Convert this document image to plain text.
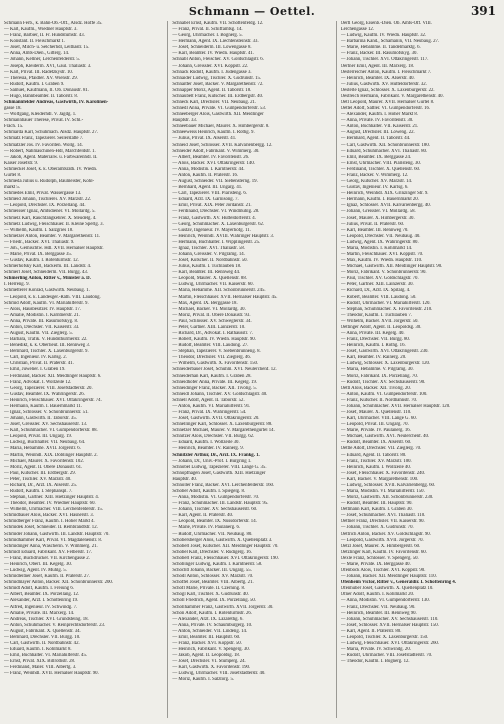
Schmann — Oettel.	391
Schmann Ferb., k. Bahn-Ob.-Off., Alsdz. Hoffe 35.
— Karl, Kaufm., Wiedner Hauptstr. 3.
— Franz, Barbier, II. Fr. Hundstumstr. 43.
— Konstant. II. Fleischmarkt 1.
— Josef, Milch- u. Selcherhdl, Leithastr. 15.
— Anna, Amts-Dien., Gitterg. 14.
— Johann, Kellner, Lerchenfelderstr. 5.
— Joseph, Kleiderm. XVI, Gaul. Thaliastr. 3.
— Karl, Privat. III. Radetzkystr. 10.
— Theresia, Pfaidler. XV. Wienstr. 29.
— Rudolf, Kaufm. I. Graben 9.
— Samuel, Kaufmann, II. Ob. Donaustr. 81.
— Hugo, Bahnbeamter. II. Taborstr. 8.
Schmannfelder Andreas, Gastwirth, IV. Karolinen-
gasse 18.
— Wolfgang, Kleiderhdl. V. Jagdg. 1.
Schmannbauer Therese, Privat. IV. Schl.-
Frach. 15.
Schmarda Karl, Schuhmach. Alsdz. Hauptstr. 27.
Schmatz Franz, Tapezierer. Seilerstätte 7.
Schmatzler Jos. IV. Favoriten. Wollg. 14.
— Robert, Nähmaschinen-Hdl, Marchfeldstr. 1.
— Jakob, Agent. Materialw. u. Farbwarenhdl. II.
Kaiser Josefstr. 9.
Schmeckel Josef, k. k. Oberamtsrath. IV. Wiedn.
Gürtel 8.
Schmeda Julius u. Rudolph, Baumeister, Kohl-
markt 5.
Schmedes Emil, Privat. Wassergasse 13.
Schmeid Johann, Tischlerei. XV. Märzstr. 22.
— Leopold, Drechsler. IX. Porzellang. 44.
Schmeisser Ignaz, Amtsdiener. VI. Mollardg. 5.
Schmelz Karl, Rauchfangkehrer. X. Steudelg. 4.
Schmelz Ludwig, Fleischhauer. II. Kleine Sperlg. 3.
— Wilhelm, Kaufm. I. Salzgries 18.
Schmelzer Anton, Beamter. V. Margarethenstr. 11.
— Friedr., Bäcker. XVI. Thaliastr. 9.
— Joh., Gemischtw. Hdl. XVII. Hernalser Hauptstr.
— Marie, Privat. IX. Berggasse 35.
— Gustav, Kaufm. I. Rotenturmstr. 12.
Schmerhofsky Karl, Bäckerm. III. Landstr. 4.
Schmerl Josef, Schneiderm. VII. Burgg. 43.
Schmerling Anton, Ritter v., Minister a. D.
I. Herreng. 9.
Schmetterer Konrad, Gastwirth. Neubaug. 1.
— Leopold, k. k. Landesger.-Rath. VIII. Laudong.
Schmid Adolf, Kaufm. VI. Mariahilferstr. 9.
— Alois, Hausbesitzer. IV. Hauptstr. 17.
— Amalie, Modistin. I. Kärntnerstr. 21.
— Anna, Private. III. Rasumofskyg. 8.
— Anton, Drechsler. VII. Kaiserstr. 33.
— August, Kaufm. VII. Zieglerg. 5.
— Barbara, Trafik. V. Hundsthurmerstr. 22.
— Benedikt, k. k. Oberlieut. III. Rennweg 3.
— Bernhard, Tischler. X. Laxenburgerstr. 9.
— Carl, Ingenieur. IV. Karlsg. 2.
— Christian, Privat. II. Praterstr. 41.
— Emil, Juwelier. I. Graben 19.
— Ferdinand, Bäcker. XII. Meidlinger Hauptstr. 6.
— Franz, Advokat. I. Wollzeile 12.
— Georg, Tapezierer. VIII. Josefstädterstr. 20.
— Gustav, Beamter. IX. Währingerstr. 26.
— Heinrich, Fleischhauer. XVI. Ottakringerstr. 74.
— Hermann, Kaufm. I. Bauernmarkt 11.
— Ignaz, Schlosser. V. Schönbrunnerstr. 51.
— Johann, Gastwirth. II. Taborstr. 35.
— Josef, Greissler. XV. Sechshauserstr. 13.
— Karl, Schuhmacher. VI. Gumpendorferstr. 88.
— Leopold, Privat. III. Ungarg. 19.
— Ludwig, Buchhalter. VII. Neubaug. 64.
— Maria, Hebamme. XVII. Jörgerstr. 6.
— Martin, Weinhdl. XIX. Döblinger Hauptstr. 2.
— Michael, Maurer. X. Favoritenstr. 102.
— Moriz, Agent. II. Obere Donaustr. 61.
— Paul, Kutscher. III. Erdbergstr. 29.
— Peter, Tischler. XV. Märzstr. 40.
— Richard, Dr., Arzt. IX. Alserstr. 25.
— Rudolf, Kaufm. I. Stephanspl. 7.
— Stephan, Gärtner. XIII. Hietzinger Hauptstr. 4.
— Theodor, Beamter. IV. Wiedner Hauptstr. 60.
— Wilhelm, Uhrmacher. VIII. Lerchenfelderstr. 15.
Schmidbauer Alois, Bäcker. XVI. Hasnerstr. 3.
Schmidberger Franz, Kaufm. I. Hoher Markt 4.
Schmidek Josef, Schneider. II. Rembrandtstr. 12.
Schmider Johann, Gastwirth. III. Landstr. Hauptstr. 70.
Schmidhammer Karl, Privat. VI. Magdalenenstr. 8.
Schmidinger Anna, Wäscherin. V. Wimmerg. 21.
Schmidl Eduard, Fabrikant. XV. Felberstr. 17.
— Franz, Buchdrucker. VII. Kirchengasse 2.
— Heinrich, Oberl. III. Kegelg. 30.
— Ludwig, Agent. IV. Mühlg. 5.
Schmidleitner Josef, Kaufm. II. Praterstr. 27.
Schmidmayer Anton, Bäcker. XII. Schönbrunnerstr. 200.
Schmidt Adolf, Kaufm. I. Freiung 6.
— Albert, Beamter. IX. Porzellang. 12.
— Alexander, Arzt. I. Schottenring 19.
— Alfred, Ingenieur. IV. Schwindg. 7.
— Amalie, Private. III. Marxerg. 14.
— Andreas, Tischler. XVI. Grundsteing. 18.
— Anton, Schuhmacher. V. Reinprechtsdorferstr. 23.
— August, Fabrikant. X. Quellenstr. 34.
— Bernhard, Drechsler. VII. Burgg. 10.
— Carl, Gastwirth. II. Nordbahnstr. 42.
— Eduard, Kaufm. I. Kohlmarkt 8.
— Emil, Buchhalter. VI. Mariahilferstr. 45.
— Ernst, Privat. XIX. Billrothstr. 28.
— Ferdinand, Maler. VIII. Albertg. 3.
— Franz, Weinhdl. XVII. Hernalser Hauptstr. 90.
Schnabel Ernst, Kaufm. VII. Schottenfeldg. 12.
— Franz, Privat. II. Schiffamtsg. 14.
— Georg, Uhrmacher. I. Bognerg. 5.
— Hermann, Agent. IX. Liechtensteinstr. 33.
— Josef, Schneiderm. III. Löwengasse 8.
— Karl, Beamter. IV. Wiedn. Hauptstr. 41.
Schnabl Anton, Fleischer. XV. Goldschlagstr. 6.
— Johann, Greissler. XVI. Koppstr. 22.
Schnack Rudolf, Kaufm. I. Judengasse 3.
Schnaider Ludwig, Tischler. X. Gudrunstr. 15.
Schnaitter Josef, Bäcker. V. Margarethenstr. 72.
Schnapper Moriz, Agent. II. Taborstr. 18.
Schnaubelt Franz, Kutscher. III. Erdbergstr. 40.
Schneck Karl, Drechsler. VII. Neubaug. 21.
Schnedl Anna, Private. VI. Gumpendorferstr. 53.
Schneeberger Alois, Gastwirth. XII. Meidlinger
Hauptstr. 33.
Schneebauer Michael, Maurer. X. Himbergerstr. 8.
Schneeweiss Heinrich, Kaufm. I. Rothg. 9.
— Julius, Privat. IX. Alserstr. 41.
Schneid Josef, Schlosser. XVII. Kalvarienbergg. 12.
Schneider Adolf, Fabrikant. V. Wimmerg. 30.
— Albert, Beamter. IV. Favoritenstr. 26.
— Alois, Bäcker. XVI. Ottakringerstr. 140.
— Anna, Modistin. I. Kärntnerstr. 44.
— Anton, Kaufm. II. Praterstr. 16.
— August, Schneider. VII. Siebensterng. 19.
— Bernhard, Agent. III. Ungarg. 41.
— Carl, Tapezierer. VIII. Piaristeng. 6.
— Eduard, Arzt. IX. Garnisong. 7.
— Emil, Privat. XIX. Peter Jordanstr. 21.
— Ferdinand, Drechsler. VI. Windmühlg. 28.
— Franz, Gastwirth. XV. Hütteldorferstr. 4.
— Georg, Schuhmacher. X. Laxenburgerstr. 62.
— Gustav, Ingenieur. IV. Mayerhofg. 11.
— Heinrich, Weinhdl. XVIII. Währinger Hauptstr. 3.
— Hermann, Buchhalter. I. Wipplingerstr. 25.
— Ignaz, Tischler. XVI. Thaliastr. 58.
— Johann, Greissler. V. Pilgramg. 14.
— Josef, Kutscher. II. Nordbahnstr. 50.
— Julius, Kaufm. I. Tuchlauben 18.
— Karl, Beamter. III. Rennweg 44.
— Leopold, Maurer. X. Quellenstr. 88.
— Ludwig, Uhrmacher. VII. Kaiserstr. 60.
— Maria, Hebamme. XII. Schönbrunnerstr. 245.
— Martin, Fleischhauer. XVII. Hernalser Hauptstr. 45.
— Max, Agent. IX. Berggasse 18.
— Michael, Bäcker. VI. Mollardg. 30.
— Moriz, Privat. II. Obere Donaustr. 93.
— Paul, Schlosser. XV. Schweglerstr. 34.
— Peter, Gärtner. XIII. Lainzerstr. 10.
— Richard, Dr., Advokat. I. Rathausstr. 7.
— Robert, Kaufm. IV. Wiedn. Hauptstr. 90.
— Rudolf, Beamter. VIII. Laudong. 27.
— Stephan, Tapezierer. V. Siebenbrunneng. 8.
— Theodor, Drechsler. VII. Zieglerg. 46.
— Wilhelm, Gastwirth. X. Favoritenstr. 150.
Schneiderbauer Josef, Schuhm. XVI. Neulerchenf. 12.
Schneiderhan Karl, Kaufm. I. Graben 28.
Schneidhofer Anna, Private. III. Kegelg. 19.
Schneidinger Franz, Bäcker. XII. Tivolig. 5.
Schneidl Johann, Tischler. XV. Goldschlagstr. 40.
Schnell Adolf, Agent. II. Taborstr. 52.
— Anton, Kaufm. VI. Mariahilferstr. 91.
— Franz, Privat. IX. Währingerstr. 54.
— Josef, Gastwirth. XVII. Ottakringerstr. 20.
Schnellinger Karl, Schlosser. X. Laxenburgerstr. 88.
Schnetzer Michael, Maurer. V. Margarethengürtel 14.
Schnitzer Alois, Drechsler. VII. Burgg. 62.
— Eduard, Kaufm. I. Wollzeile 30.
— Heinrich, Beamter. IV. Rainerg. 9.
Schnitzler Arthur, Dr., Arzt. IX. Frankg. 1.
— Johann, Dr., Univ.-Prof. I. Burgring 1.
Schnöbel Ludwig, Tapezierer. VIII. Lange G. 35.
Schnopfhagen Josef, Gastwirth. XIII. Hietzinger
Hauptstr. 40.
Schnöller Franz, Bäcker. XVI. Lerchenfelderstr. 160.
Schober Adolf, Kaufm. I. Spiegelg. 8.
— Anna, Modistin. VI. Gumpendorferstr. 70.
— Franz, Schuhmacher. III. Landstr. Hauptstr. 95.
— Johann, Tischler. XV. Sechshauserstr. 60.
— Karl, Agent. II. Praterstr. 40.
— Leopold, Beamter. IX. Nussdorferstr. 14.
— Marie, Private. IV. Paulanerg. 6.
— Rudolf, Uhrmacher. VII. Neubaug. 80.
Schobersberger Alois, Gastwirth. X. Quellenplatz 3.
Schoberl Josef, Kutscher. XII. Meidlinger Hauptstr. 70.
Schöbel Karl, Drechsler. V. Rüdigerg. 16.
Schöberl Franz, Fleischhauer. XVI. Ottakringerstr. 190.
Schöbinger Ludwig, Kaufm. I. Kärntnerstr. 58.
Schöchtl Johann, Bäcker. III. Ungarg. 55.
Schödl Anton, Schlosser. XV. Märzstr. 70.
Schöffel Josef, Beamter. VIII. Albertg. 21.
Schöfl Marie, Private. II. Czerning. 8.
Schögl Karl, Tischler. X. Gudrunstr. 40.
Schöll Friedrich, Agent. IX. Porzellang. 50.
Schöllhammer Franz, Gastwirth. XVII. Jörgerstr. 30.
Schön Adolf, Kaufm. I. Rotenturmstr. 26.
— Alexander, Arzt. IX. Lazarethg. 6.
— Anna, Private. IV. Schaumburgerg. 10.
— Anton, Schneider. VII. Lindeng. 14.
— Emil, Beamter. III. Hauptstr. 60.
— Franz, Bäcker. XVI. Koppstr. 50.
— Heinrich, Fabrikant. V. Spengerg. 30.
— Jakob, Agent. II. Leopoldsg. 18.
— Josef, Drechsler. VI. Stumperg. 24.
— Karl, Gastwirth. X. Favoritenstr. 190.
— Ludwig, Uhrmacher. VIII. Josefstädterstr. 40.
— Moriz, Kaufm. I. Salztorg. 5.
Oertl Georg, Eisenb.-Dien. Ob. Amts-Off. VIII.
Lerchengasse 12.
— Ludwig, Kaufm. IV. Wiedn. Hauptstr. 32.
— Barbarina Kand., Schamanin, VII. Neubaug. 27.
— Marie, Hebamme. II. Tandelmarktg. 6.
— Franz, Bäcker. III. Rasumofskyg. 30.
— Johann, Tischler. XVI. Ottakringerstr. 117.
Oertner Emil, Agent. III. Marxerg. 18.
Oesterreicher Anton, Kaufm. I. Fleischmarkt 7.
— Heinrich, Beamter. IX. Alserstr. 40.
— Julius, Gastwirth. XV. Hütteldorferstr. 32.
Oesterle Ignaz, Schlosser. X. Laxenburgerstr. 22.
Oestreich Hermann, Fabrikant. V. Margarethenstr. 40.
Oetl Leopold, Maurer. XVII. Hernalser Gürtel 8.
Oettel Adolf, Sattler. VI. Gumpendorferstr. 16.
— Alexander, Kaufm. I. Hoher Markt 8.
— Anna, Private. IV. Favoritenstr. 30.
— Anton, Buchhalter. VII. Kaiserstr. 21.
— August, Drechsler. III. Löweng. 22.
— Bernhard, Agent. II. Taborstr. 44.
— Carl, Gastwirth. XII. Schönbrunnerstr. 180.
— Eduard, Schuhmacher. XVI. Thaliastr. 80.
— Emil, Beamter. IX. Berggasse 24.
— Ernst, Uhrmacher. VIII. Piaristeng. 30.
— Ferdinand, Tischler. X. Quellenstr. 60.
— Franz, Bäcker. V. Wimmerg. 12.
— Georg, Kutscher. XV. Märzstr. 14.
— Gustav, Ingenieur. IV. Karlsg. 6.
— Heinrich, Weinhdl. XIX. Grinzinger Str. 9.
— Hermann, Kaufm. I. Bauernmarkt 20.
— Ignaz, Schlosser. XVII. Kalvarienbergg. 40.
— Johann, Greissler. VI. Mollardg. 58.
— Josef, Maurer. X. Himbergerstr. 30.
— Julius, Privat. II. Praterstr. 60.
— Karl, Beamter. III. Rennweg 70.
— Leopold, Drechsler. VII. Neubaug. 40.
— Ludwig, Agent. IX. Währingerstr. 80.
— Maria, Modistin. I. Kohlmarkt 14.
— Martin, Fleischhauer. XVI. Koppstr. 70.
— Max, Kaufm. IV. Wiedn. Hauptstr. 110.
— Michael, Gastwirth. XII. Meidlinger Hauptstr. 90.
— Moriz, Fabrikant. V. Schönbrunnerstr. 90.
— Paul, Tischler. XV. Goldschlagstr. 70.
— Peter, Gärtner. XIII. Lainzerstr. 30.
— Richard, Dr., Arzt. IX. Spitalg. 4.
— Robert, Beamter. VIII. Laudong. 50.
— Rudolf, Uhrmacher. VI. Mariahilferstr. 120.
— Stephan, Schuhmacher. X. Favoritenstr. 210.
— Theodor, Kaufm. I. Tuchlauben 7.
— Wilhelm, Bäcker. XVII. Jörgerstr. 50.
Oettinger Adolf, Agent. II. Leopoldsg. 30.
— Anna, Private. III. Kegelg. 40.
— Franz, Drechsler. VII. Burgg. 80.
— Heinrich, Kaufm. I. Rothg. 16.
— Josef, Gastwirth. XVI. Ottakringerstr. 230.
— Karl, Beamter. IV. Rainerg. 20.
— Ludwig, Schlosser. X. Laxenburgerstr. 120.
— Maria, Hebamme. V. Pilgramg. 30.
— Moriz, Fabrikant. IX. Porzellang. 70.
— Rudolf, Tischler. XV. Sechshauserstr. 90.
Oettl Alois, Bäcker. XII. Tivolig. 20.
— Anton, Kaufm. VI. Gumpendorferstr. 100.
— Franz, Kutscher. II. Nordbahnstr. 70.
— Johann, Schuhmacher. XVII. Hernalser Hauptstr. 120.
— Josef, Maurer. X. Quellenstr. 110.
— Karl, Uhrmacher. VIII. Lange G. 60.
— Leopold, Privat. III. Ungarg. 70.
— Marie, Private. IV. Paulanerg. 16.
— Michael, Gastwirth. XVI. Neulerchenf. 40.
— Rudolf, Beamter. IX. Alserstr. 60.
Oettle Adolf, Drechsler. VII. Zieglerg. 70.
— Eduard, Agent. II. Taborstr. 80.
— Franz, Tischler. XV. Märzstr. 100.
— Heinrich, Kaufm. I. Wollzeile 40.
— Josef, Fleischhauer. X. Favoritenstr. 240.
— Karl, Bäcker. V. Margarethenstr. 100.
— Ludwig, Schlosser. XVII. Kalvarienbergg. 60.
— Maria, Modistin. VI. Mariahilferstr. 150.
— Moriz, Gastwirth. XII. Schönbrunnerstr. 230.
— Rudolf, Beamter. III. Hauptstr. 90.
Oettmann Karl, Kaufm. I. Graben 30.
— Josef, Schuhmacher. XVI. Thaliastr. 110.
Oettner Franz, Drechsler. VII. Kaiserstr. 90.
— Johann, Tischler. X. Gudrunstr. 70.
Oettrich Anton, Bäcker. XV. Goldschlagstr. 90.
— Leopold, Gastwirth. XVII. Jörgerstr. 70.
Oetzl Josef, Maurer. X. Himbergerstr. 60.
Oetzlinger Karl, Kaufm. IV. Favoritenstr. 60.
Oexle Franz, Schlosser. V. Spengerg. 50.
— Marie, Private. IX. Berggasse 40.
Ofenböck Alois, Tischler. XVI. Koppstr. 90.
— Johann, Bäcker. XII. Meidlinger Hauptstr. 110.
Ofenheim Victor, Ritter v., Generaldir. I. Schottenring 4.
Ofenhuber Josef, Gastwirth. X. Quellenplatz 10.
Ofner Adolf, Kaufm. I. Kohlmarkt 20.
— Anna, Modistin. VI. Gumpendorferstr. 130.
— Franz, Drechsler. VII. Neubaug. 90.
— Heinrich, Beamter. III. Rennweg 90.
— Johann, Schuhmacher. XV. Sechshauserstr. 110.
— Josef, Schlosser. XVII. Hernalser Hauptstr. 150.
— Karl, Agent. II. Praterstr. 80.
— Leopold, Tischler. X. Laxenburgerstr. 150.
— Ludwig, Fleischhauer. XVI. Ottakringerstr. 260.
— Maria, Private. IV. Schwindg. 20.
— Rudolf, Uhrmacher. VIII. Josefstädterstr. 70.
— Theodor, Kaufm. I. Bognerg. 12.
